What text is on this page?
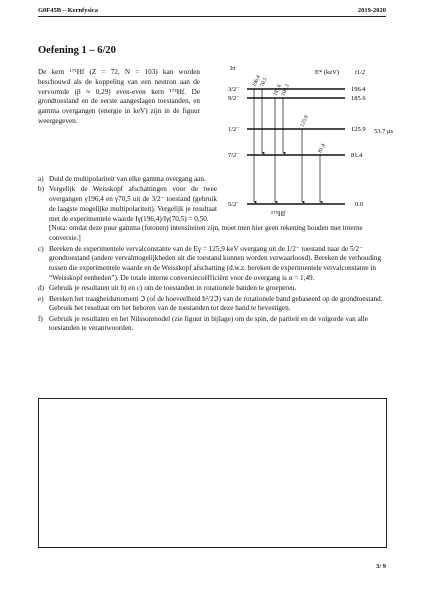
G0F45B – Kernfysica	2019-2020
Oefening 1 – 6/20

De kern ¹⁷⁵Hf (Z = 72, N = 103) kan worden beschouwd als de koppeling van een neutron aan de vervormde (β ≈ 0,29) even-even kern ¹⁷⁴Hf. De grondtoestand en de eerste aangeslagen toestanden, en gamma overgangen (energie in keV) zijn in de figuur weergegeven.

Iπ
E* (keV) t1/2
3/2⁻
9/2⁻
1/2⁻
7/2⁻
5/2⁻
196.4
185.6
125.9
81.4
0.0
53.7 μs
196.4
70.5
185.6
104.2
125.9
81.4
¹⁷⁵Hf
a) Duid de multipolariteit van elke gamma overgang aan.
b) Vergelijk de Weisskopf afschattingen voor de twee overgangen γ196,4 en γ70,5 uit de 3/2⁻ toestand (gebruik de laagste mogelijke multipolariteit). Vergelijk je resultaat met de experimentele waarde Iγ(196,4)/Iγ(70,5) = 0,50.
[Nota: omdat deze puur gamma (fotonen) intensiteiten zijn, moet men hier geen rekening houden met interne conversie.]
c) Bereken de experimentele vervalconstante van de Eγ = 125,9 keV overgang uit de 1/2⁻ toestand naar de 5/2⁻ grondtoestand (andere vervalmogelijkheden uit die toestand kunnen worden verwaarloosd). Bereken de verhouding tussen die experimentele waarde en de Weisskopf afschatting (d.w.z. bereken de experimentele vervalconstante in “Weisskopf eenheden”). De totale interne conversiecoëfficiënt voor de overgang is α = 1,49.
d) Gebruik je resultaten uit b) en c) om de toestanden in rotationele banden te groeperen.
e) Bereken het traagheidsmoment ℑ (of de hoeveelheid ħ²/2ℑ) van de rotationele band gebaseerd op de grondtoestand. Gebruik het resultaat om het behoren van de toestanden tot deze band te bevestigen.
f) Gebruik je resultaten en het Nilssonmodel (zie figuur in bijlage) om de spin, de pariteit en de volgorde van alle toestanden te verantwoorden.
3/ 9
